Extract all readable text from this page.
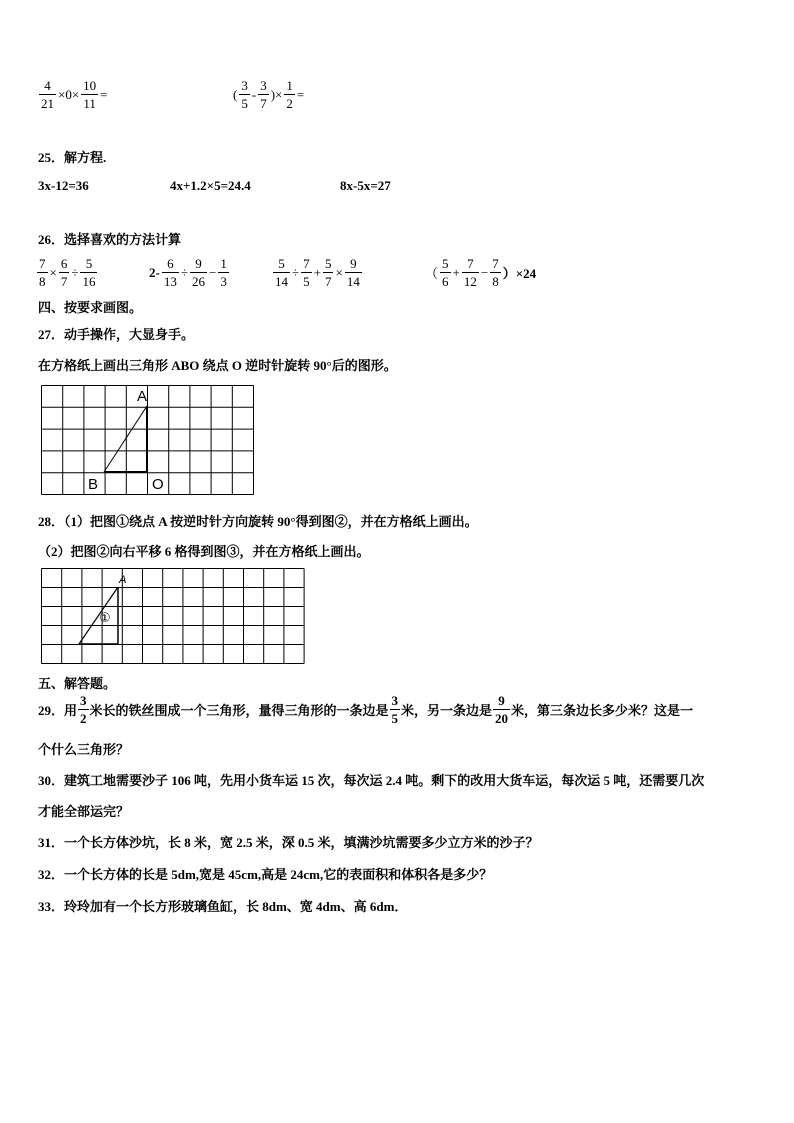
$\frac{4}{21} \times 0\times \frac{10}{11}$ =	( $\frac{3}{5} - \frac{3}{7}$ )× $\frac{1}{2}$ =
25．解方程.
3x-12=36	4x+1.2×5=24.4	8x-5x=27
26．选择喜欢的方法计算
$\frac{7}{8} \times \frac{6}{7} \div \frac{5}{16}$	$2- \frac{6}{13} \div \frac{9}{26} - \frac{1}{3}$	$\frac{5}{14} \div \frac{7}{5} + \frac{5}{7} \times \frac{9}{14}$	（ $\frac{5}{6} + \frac{7}{12} - \frac{7}{8} )\times 24$
四、按要求画图。
27．动手操作，大显身手。
在方格纸上画出三角形 ABO 绕点 O 逆时针旋转 90°后的图形。
A
B	O
28．（1）把图①绕点 A 按逆时针方向旋转 90°得到图②，并在方格纸上画出。
（2）把图②向右平移 6 格得到图③，并在方格纸上画出。
A
①
五、解答题。
29．用 $\frac{3}{2}$ 米长的铁丝围成一个三角形，量得三角形的一条边是 $\frac{3}{5}$ 米，另一条边是 $\frac{9}{20}$ 米，第三条边长多少米？这是一
个什么三角形？
30．建筑工地需要沙子 106 吨，先用小货车运 15 次，每次运 2.4 吨。剩下的改用大货车运，每次运 5 吨，还需要几次
才能全部运完？
31．一个长方体沙坑，长 8 米，宽 2.5 米，深 0.5 米，填满沙坑需要多少立方米的沙子？
32．一个长方体的长是 5dm,宽是 45cm,高是 24cm,它的表面积和体积各是多少？
33．玲玲加有一个长方形玻璃鱼缸，长 8dm、宽 4dm、高 6dm．
